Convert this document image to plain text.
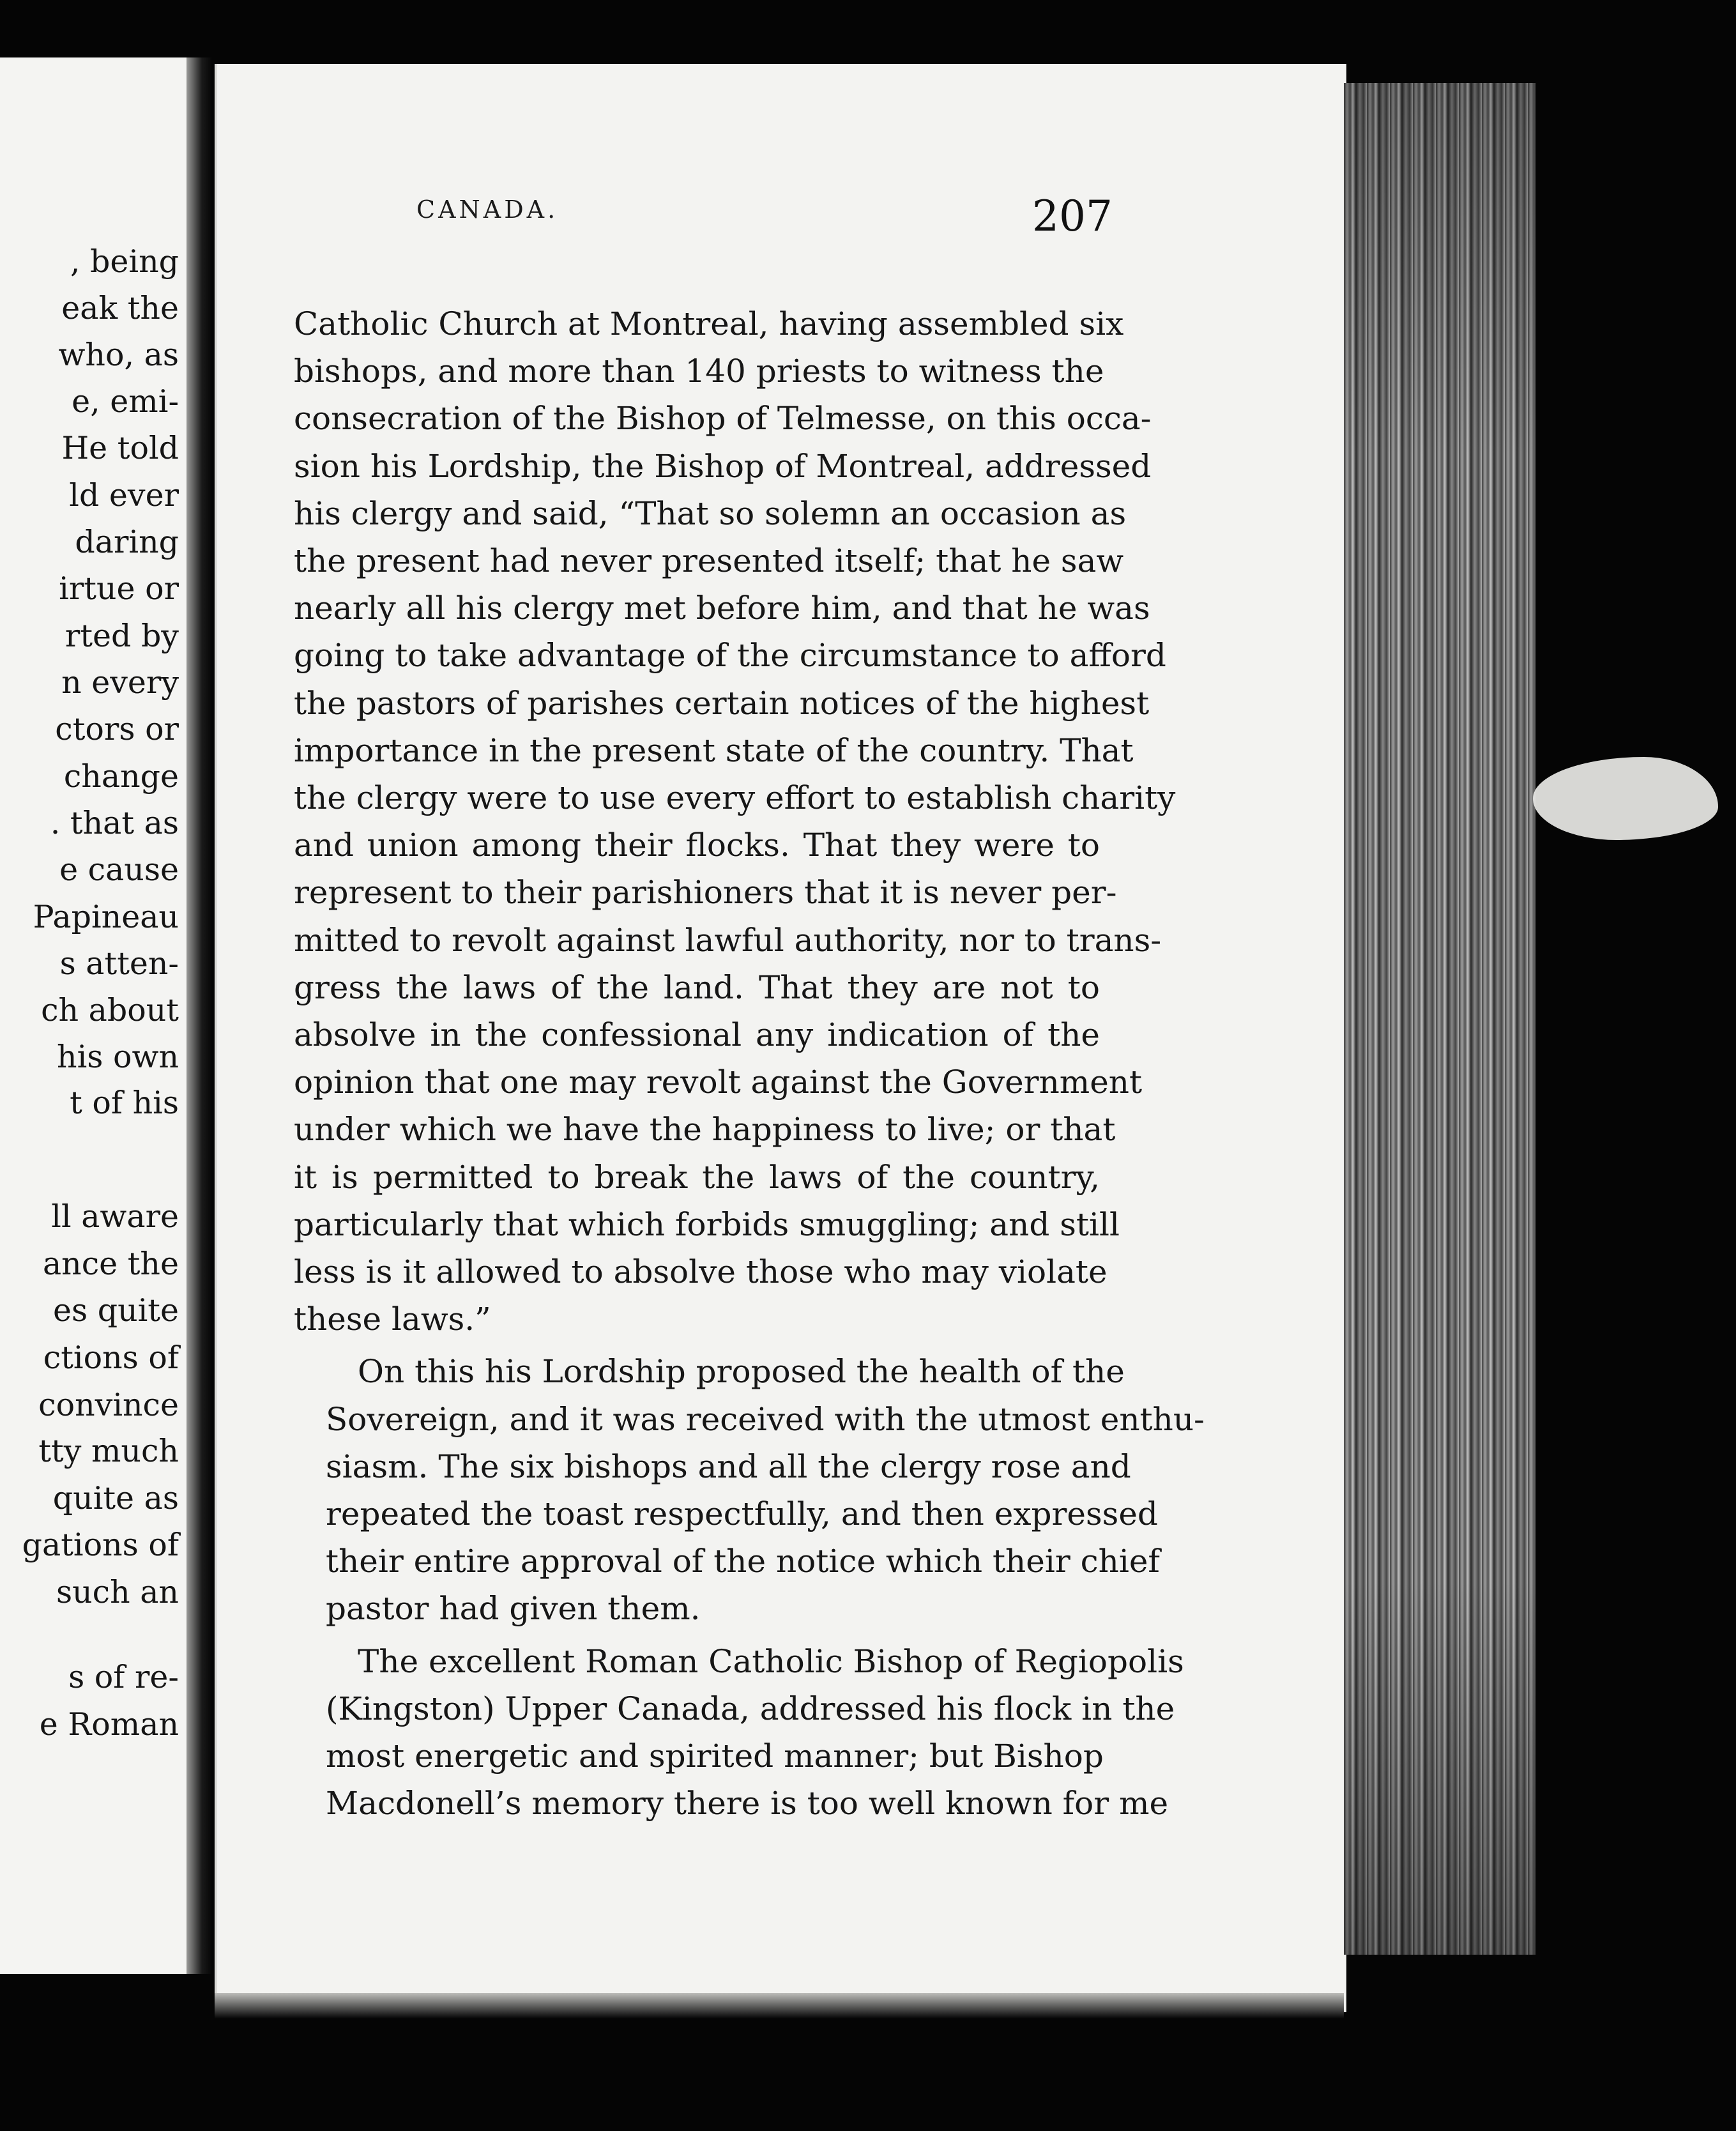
, being
eak the
who, as
e, emi-
He told
ld ever
daring
irtue or
rted by
n every
ctors or
change
. that as
e cause
Papineau
s atten-
ch about
his own
t of his
ll aware
ance the
es quite
ctions of
convince
tty much
quite as
gations of
such an
s of re-
e Roman
CANADA.	207
Catholic Church at Montreal, having assembled six
bishops, and more than 140 priests to witness the
consecration of the Bishop of Telmesse, on this occa-
sion his Lordship, the Bishop of Montreal, addressed
his clergy and said, “That so solemn an occasion as
the present had never presented itself; that he saw
nearly all his clergy met before him, and that he was
going to take advantage of the circumstance to afford
the pastors of parishes certain notices of the highest
importance in the present state of the country. That
the clergy were to use every effort to establish charity
and union among their flocks. That they were to
represent to their parishioners that it is never per-
mitted to revolt against lawful authority, nor to trans-
gress the laws of the land. That they are not to
absolve in the confessional any indication of the
opinion that one may revolt against the Government
under which we have the happiness to live; or that
it is permitted to break the laws of the country,
particularly that which forbids smuggling; and still
less is it allowed to absolve those who may violate
these laws.”
On this his Lordship proposed the health of the
Sovereign, and it was received with the utmost enthu-
siasm. The six bishops and all the clergy rose and
repeated the toast respectfully, and then expressed
their entire approval of the notice which their chief
pastor had given them.
The excellent Roman Catholic Bishop of Regiopolis
(Kingston) Upper Canada, addressed his flock in the
most energetic and spirited manner; but Bishop
Macdonell’s memory there is too well known for me
